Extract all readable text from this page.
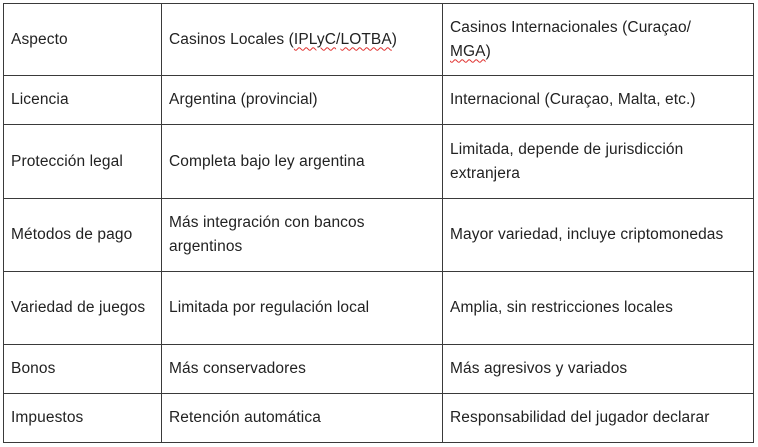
Aspecto	Casinos Locales (IPLyC/LOTBA)	Casinos Internacionales (Curaçao/
MGA)
Licencia	Argentina (provincial)	Internacional (Curaçao, Malta, etc.)
Protección legal	Completa bajo ley argentina	Limitada, depende de jurisdicción extranjera
Métodos de pago	Más integración con bancos argentinos	Mayor variedad, incluye criptomonedas
Variedad de juegos	Limitada por regulación local	Amplia, sin restricciones locales
Bonos	Más conservadores	Más agresivos y variados
Impuestos	Retención automática	Responsabilidad del jugador declarar
